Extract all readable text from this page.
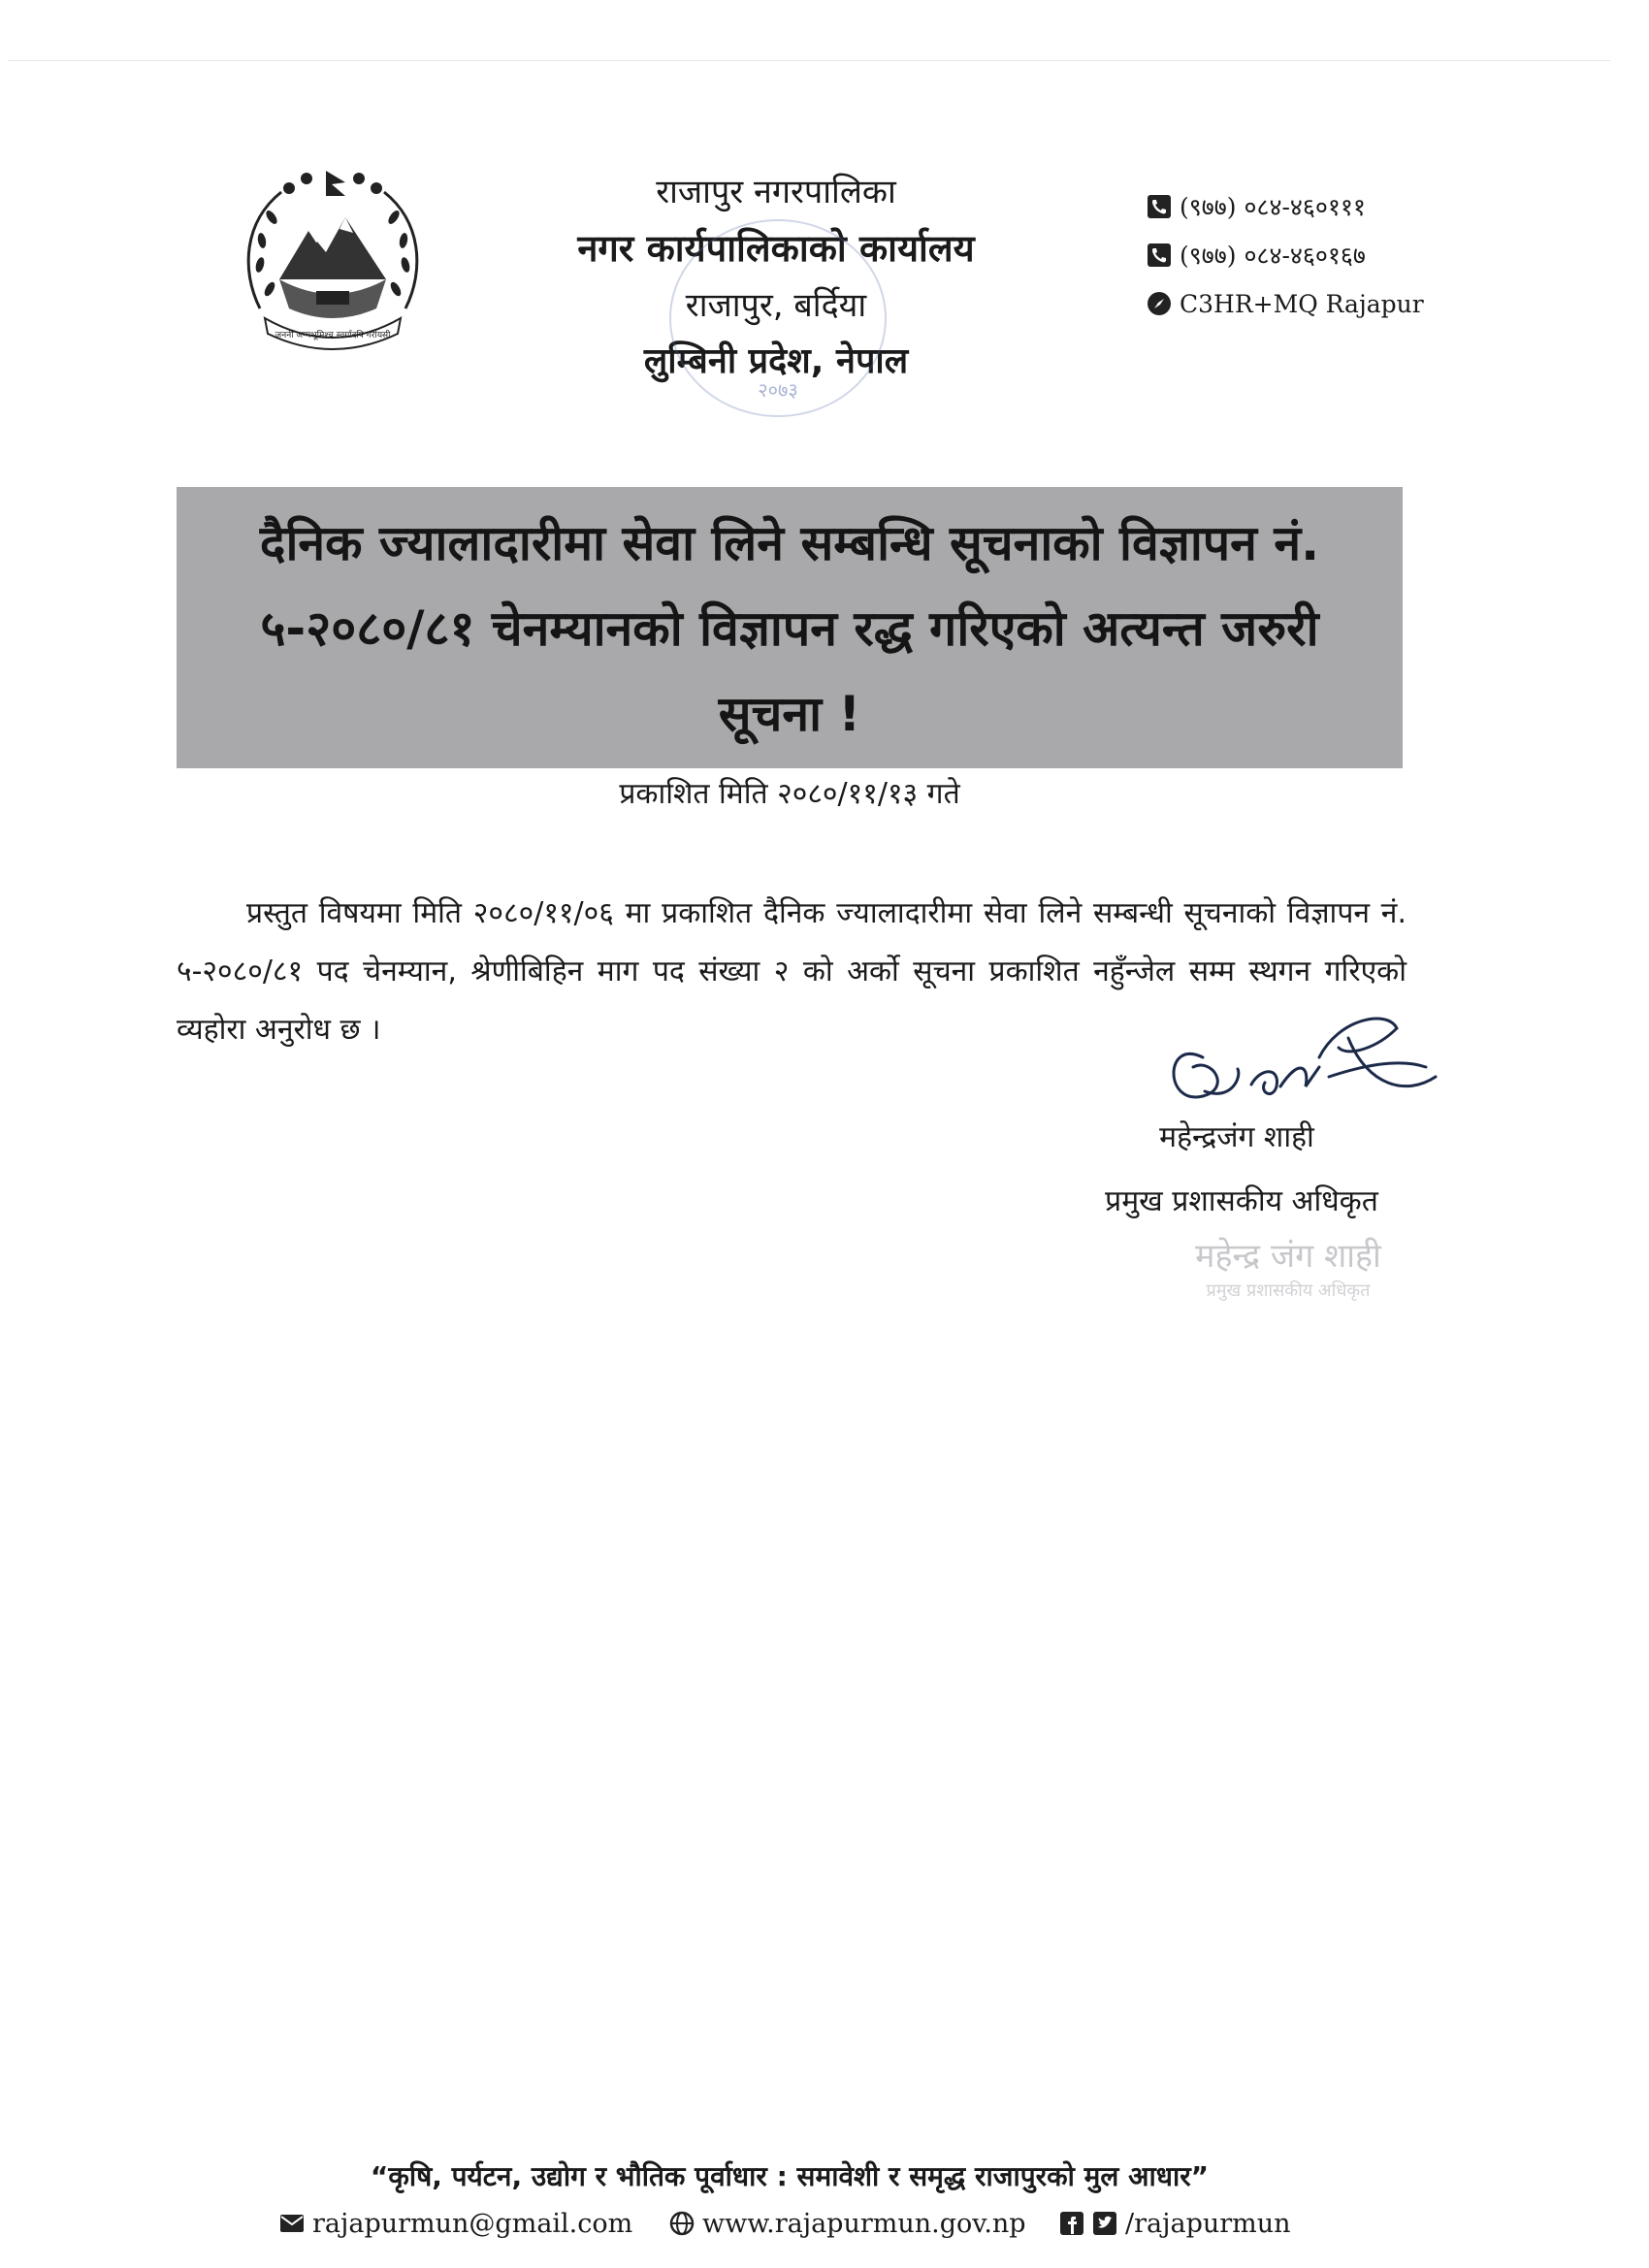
जननी जन्मभूमिश्च स्वर्गादपि गरीयसी
राजापुर नगरपालिका
नगर कार्यपालिकाको कार्यालय
राजापुर, बर्दिया
लुम्बिनी प्रदेश, नेपाल
२०७३
(९७७) ०८४-४६०१११
(९७७) ०८४-४६०१६७
C3HR+MQ Rajapur
दैनिक ज्यालादारीमा सेवा लिने सम्बन्धि सूचनाको विज्ञापन नं.
५-२०८०/८१ चेनम्यानको विज्ञापन रद्ध गरिएको अत्यन्त जरुरी
सूचना !
प्रकाशित मिति २०८०/११/१३ गते
प्रस्तुत विषयमा मिति २०८०/११/०६ मा प्रकाशित दैनिक ज्यालादारीमा सेवा लिने सम्बन्धी सूचनाको विज्ञापन नं. ५-२०८०/८१ पद चेनम्यान, श्रेणीबिहिन माग पद संख्या २ को अर्को सूचना प्रकाशित नहुँन्जेल सम्म स्थगन गरिएको व्यहोरा अनुरोध छ ।
महेन्द्रजंग शाही
प्रमुख प्रशासकीय अधिकृत
महेन्द्र जंग शाही
प्रमुख प्रशासकीय अधिकृत
“कृषि, पर्यटन, उद्योग र भौतिक पूर्वाधार : समावेशी र समृद्ध राजापुरको मुल आधार”
rajapurmun@gmail.com	www.rajapurmun.gov.np	/rajapurmun
